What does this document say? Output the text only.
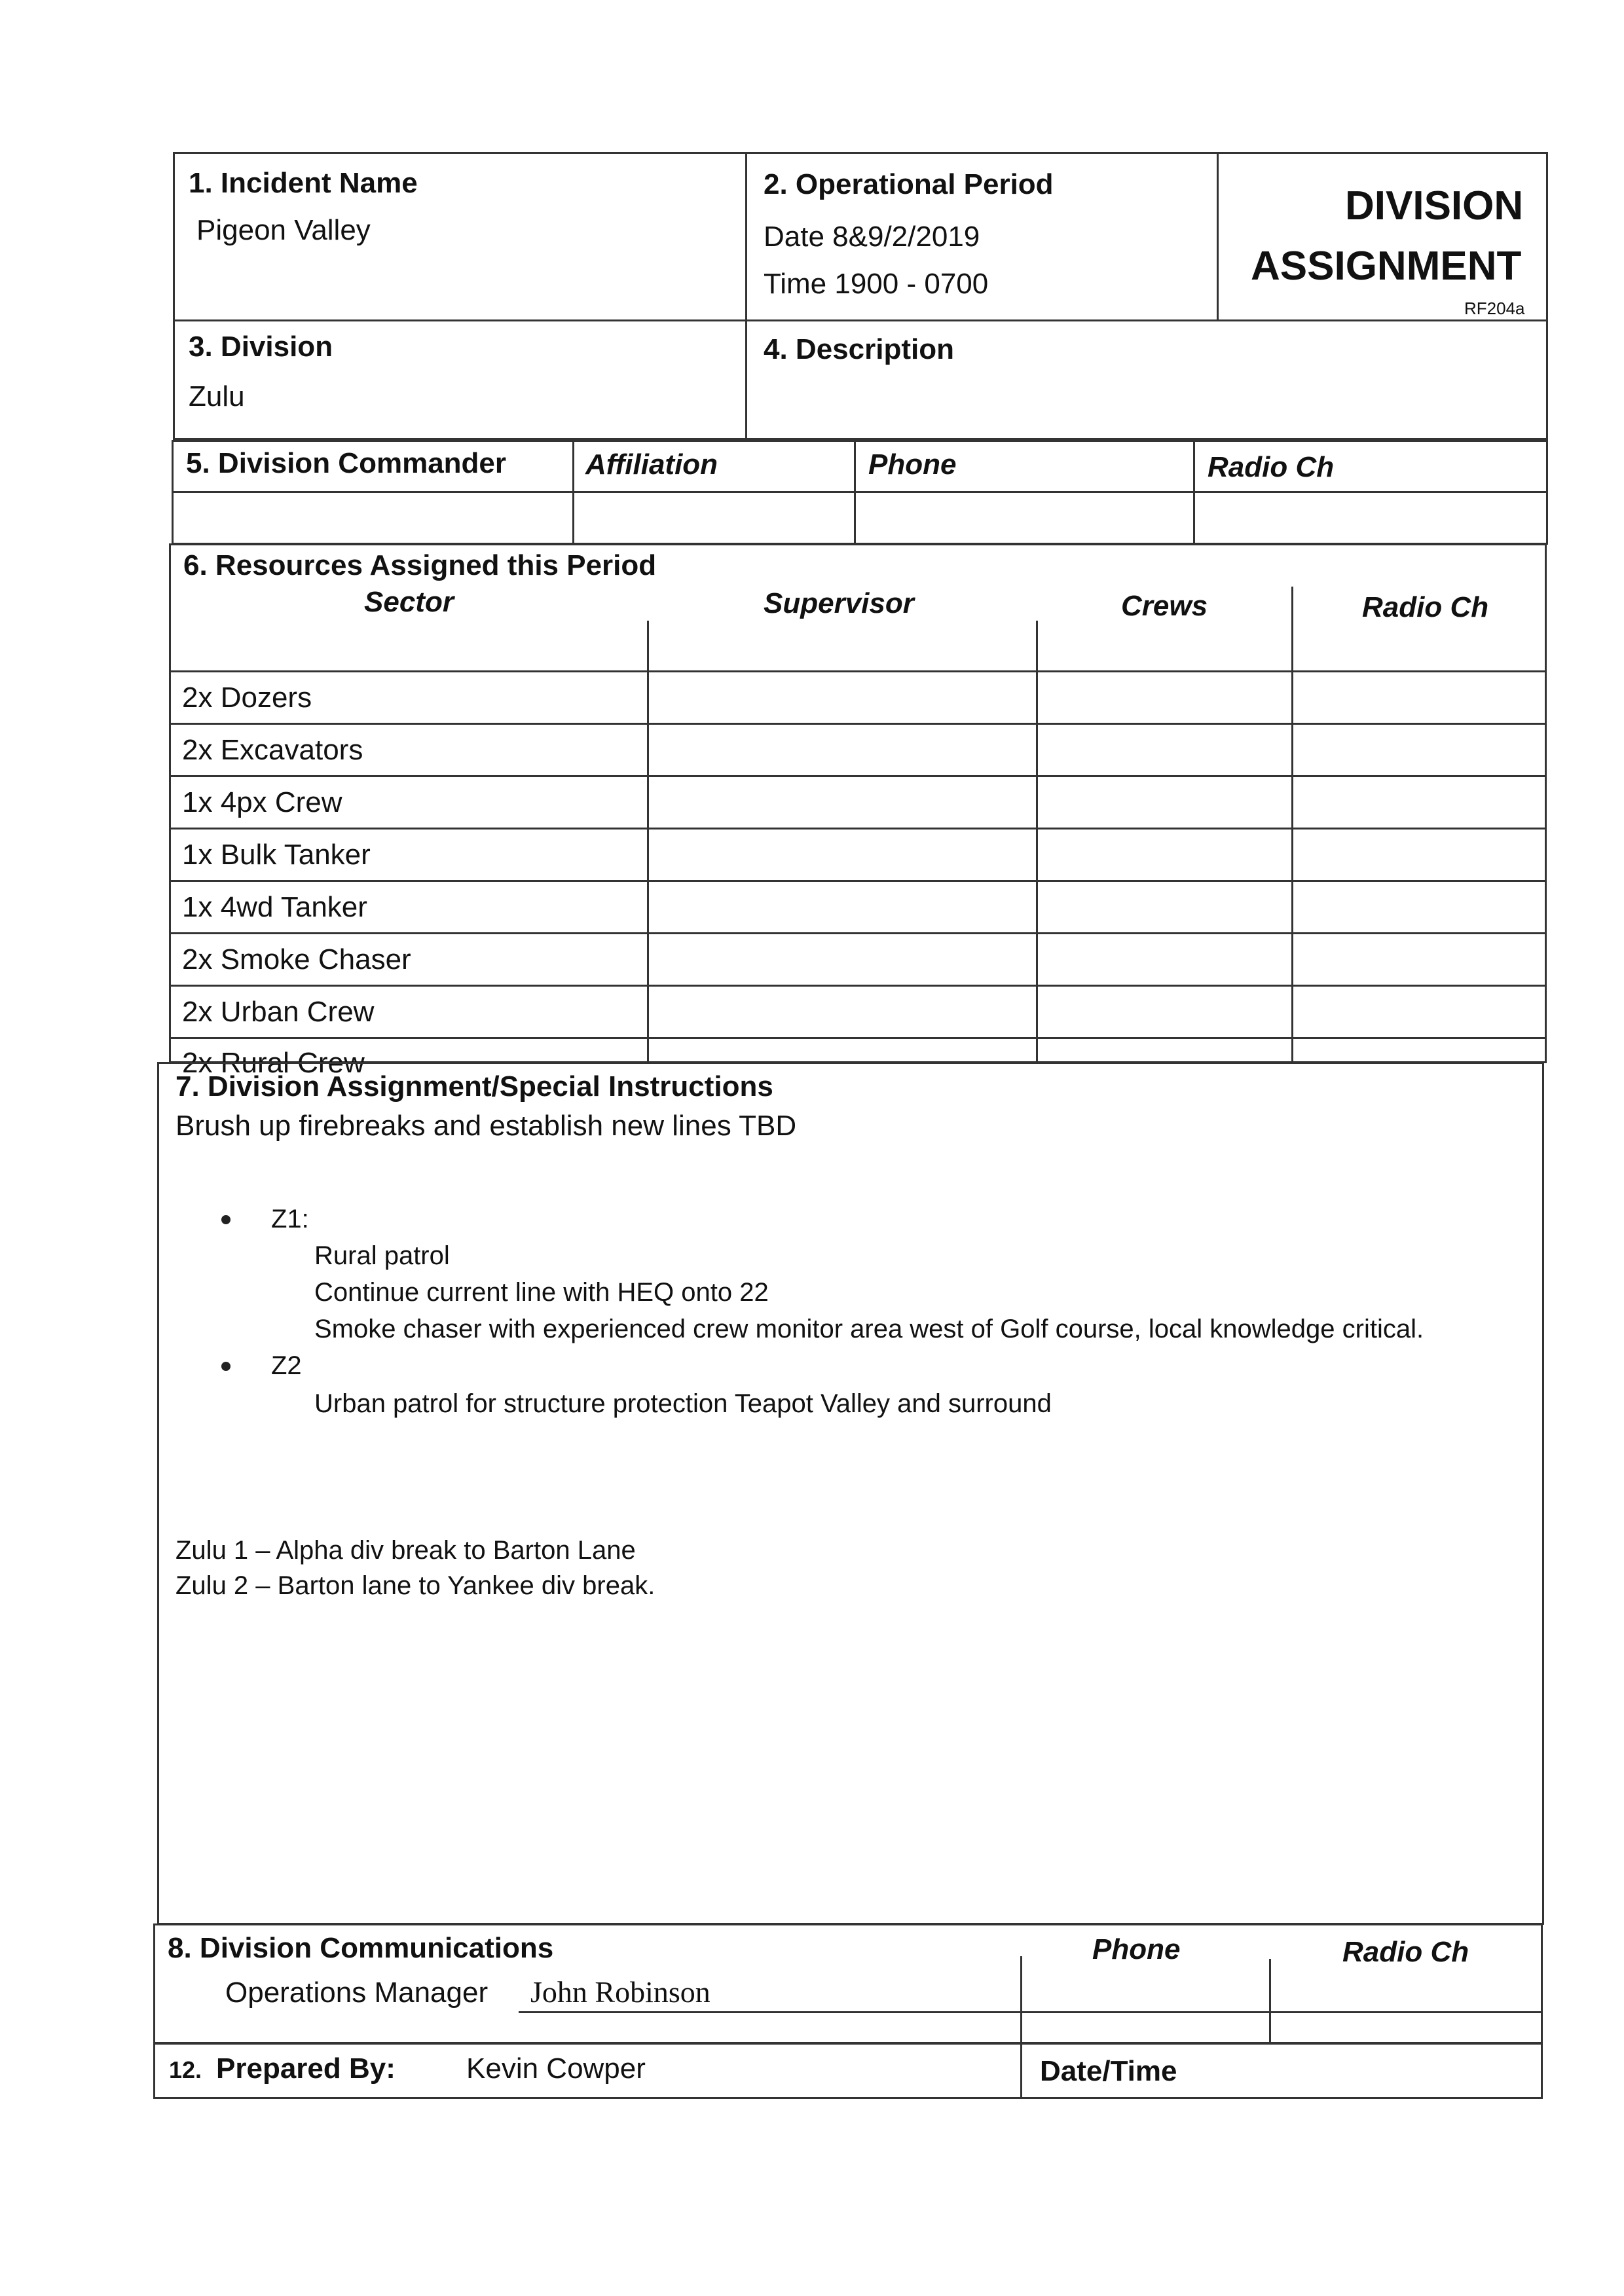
1. Incident Name
Pigeon Valley
2. Operational Period
Date 8&9/2/2019
Time 1900 - 0700
DIVISION
ASSIGNMENT
RF204a
3. Division
Zulu
4. Description
5. Division Commander	Affiliation	Phone	Radio Ch
6. Resources Assigned this Period
Sector	Supervisor	Crews	Radio Ch
2x Dozers
2x Excavators
1x 4px Crew
1x Bulk Tanker
1x 4wd Tanker
2x Smoke Chaser
2x Urban Crew
2x Rural Crew
7. Division Assignment/Special Instructions
Brush up firebreaks and establish new lines TBD
Z1:
Rural patrol
Continue current line with HEQ onto 22
Smoke chaser with experienced crew monitor area west of Golf course, local knowledge critical.
Z2
Urban patrol for structure protection Teapot Valley and surround
Zulu 1 – Alpha div break to Barton Lane
Zulu 2 – Barton lane to Yankee div break.
8. Division Communications	Phone	Radio Ch
Operations Manager John Robinson
12. Prepared By: Kevin Cowper	Date/Time
